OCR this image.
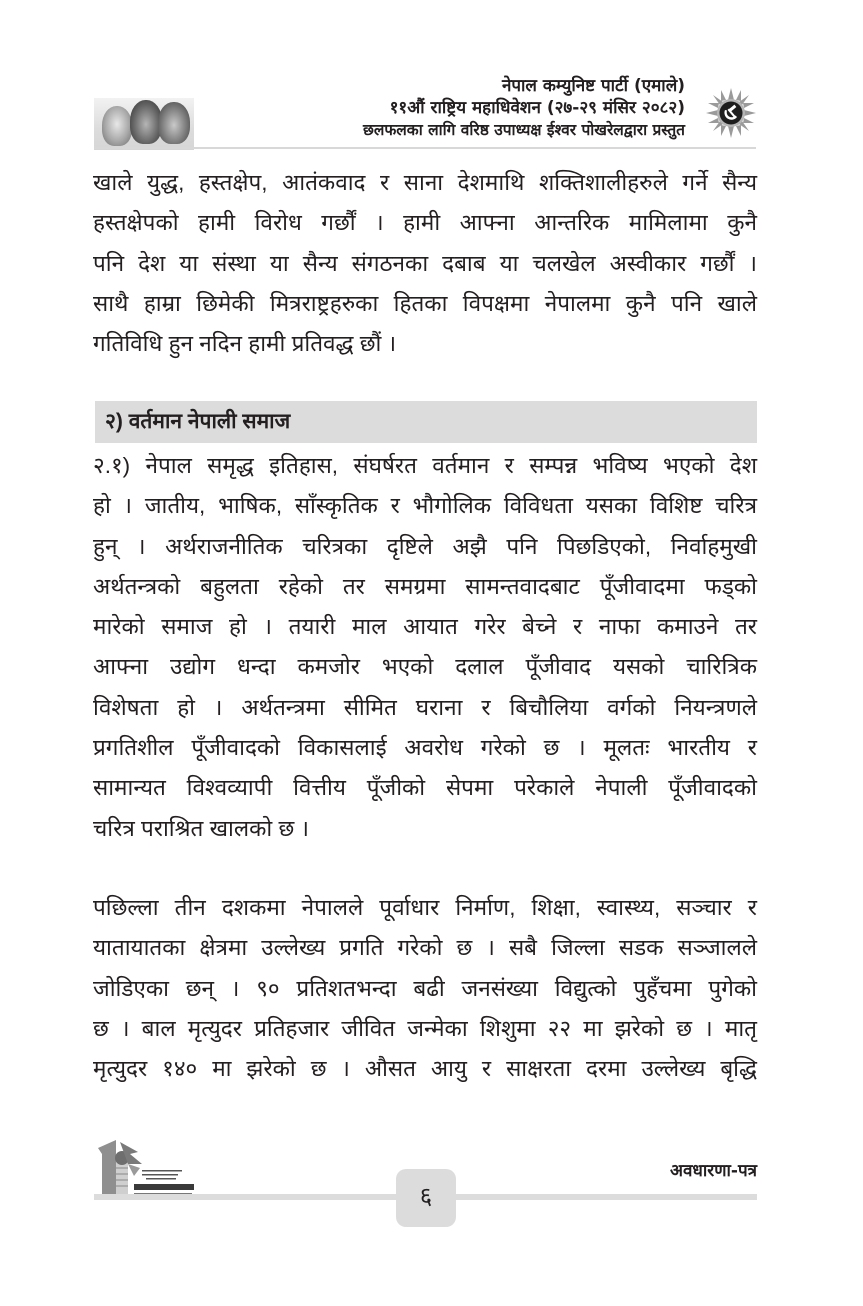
नेपाल कम्युनिष्ट पार्टी (एमाले)
११औं राष्ट्रिय महाधिवेशन (२७-२९ मंसिर २०८२)
छलफलका लागि वरिष्ठ उपाध्यक्ष ईश्वर पोखरेलद्वारा प्रस्तुत
खाले युद्ध, हस्तक्षेप, आतंकवाद र साना देशमाथि शक्तिशालीहरुले गर्ने सैन्य
हस्तक्षेपको हामी विरोध गर्छौं । हामी आफ्ना आन्तरिक मामिलामा कुनै
पनि देश या संस्था या सैन्य संगठनका दबाब या चलखेल अस्वीकार गर्छौं ।
साथै हाम्रा छिमेकी मित्रराष्ट्रहरुका हितका विपक्षमा नेपालमा कुनै पनि खाले
गतिविधि हुन नदिन हामी प्रतिवद्ध छौं ।
२) वर्तमान नेपाली समाज
२.१) नेपाल समृद्ध इतिहास, संघर्षरत वर्तमान र सम्पन्न भविष्य भएको देश
हो । जातीय, भाषिक, साँस्कृतिक र भौगोलिक विविधता यसका विशिष्ट चरित्र
हुन् । अर्थराजनीतिक चरित्रका दृष्टिले अझै पनि पिछडिएको, निर्वाहमुखी
अर्थतन्त्रको बहुलता रहेको तर समग्रमा सामन्तवादबाट पूँजीवादमा फड्को
मारेको समाज हो । तयारी माल आयात गरेर बेच्ने र नाफा कमाउने तर
आफ्ना उद्योग धन्दा कमजोर भएको दलाल पूँजीवाद यसको चारित्रिक
विशेषता हो । अर्थतन्त्रमा सीमित घराना र बिचौलिया वर्गको नियन्त्रणले
प्रगतिशील पूँजीवादको विकासलाई अवरोध गरेको छ । मूलतः भारतीय र
सामान्यत विश्वव्यापी वित्तीय पूँजीको सेपमा परेकाले नेपाली पूँजीवादको
चरित्र पराश्रित खालको छ ।
पछिल्ला तीन दशकमा नेपालले पूर्वाधार निर्माण, शिक्षा, स्वास्थ्य, सञ्चार र
यातायातका क्षेत्रमा उल्लेख्य प्रगति गरेको छ । सबै जिल्ला सडक सञ्जालले
जोडिएका छन् । ९० प्रतिशतभन्दा बढी जनसंख्या विद्युत्को पुहँचमा पुगेको
छ । बाल मृत्युदर प्रतिहजार जीवित जन्मेका शिशुमा २२ मा झरेको छ । मातृ
मृत्युदर १४० मा झरेको छ । औसत आयु र साक्षरता दरमा उल्लेख्य बृद्धि
६
अवधारणा-पत्र
